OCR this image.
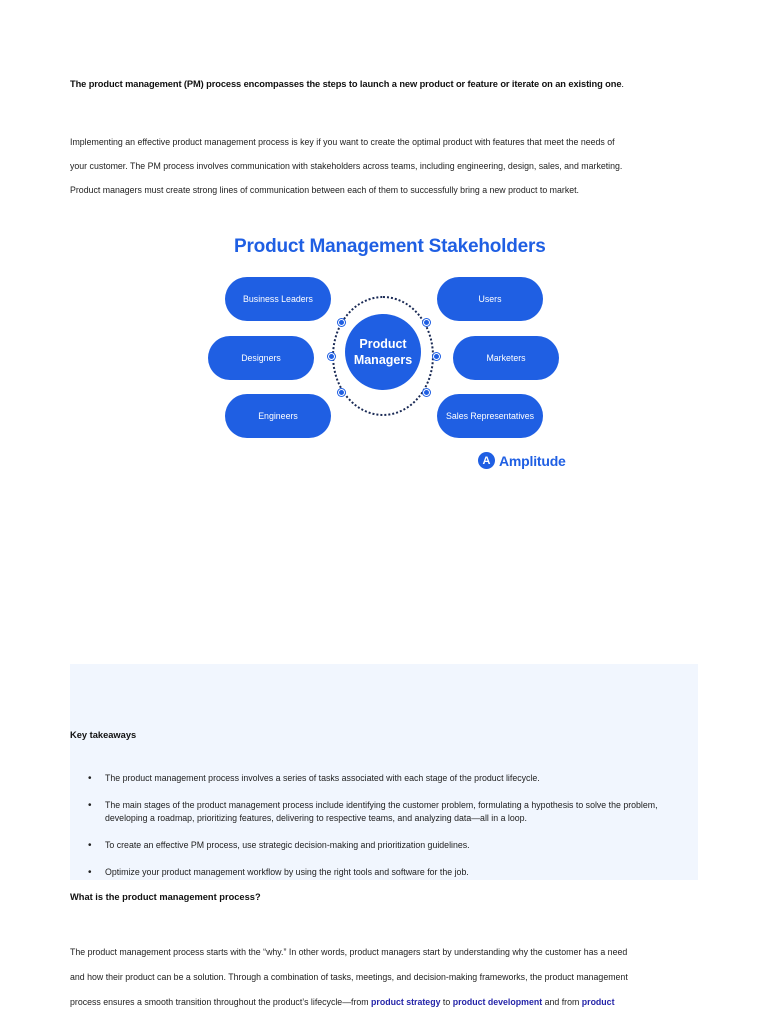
The product management (PM) process encompasses the steps to launch a new product or feature or iterate on an existing one.

Implementing an effective product management process is key if you want to create the optimal product with features that meet the needs of

your customer. The PM process involves communication with stakeholders across teams, including engineering, design, sales, and marketing.

Product managers must create strong lines of communication between each of them to successfully bring a new product to market.

Product Management Stakeholders
Product
Managers
Business Leaders
Designers
Engineers
Users
Marketers
Sales Representatives
A Amplitude
Key takeaways
• The product management process involves a series of tasks associated with each stage of the product lifecycle.
• The main stages of the product management process include identifying the customer problem, formulating a hypothesis to solve the problem, developing a roadmap, prioritizing features, delivering to respective teams, and analyzing data—all in a loop.
• To create an effective PM process, use strategic decision-making and prioritization guidelines.
• Optimize your product management workflow by using the right tools and software for the job.
What is the product management process?

The product management process starts with the “why.” In other words, product managers start by understanding why the customer has a need

and how their product can be a solution. Through a combination of tasks, meetings, and decision-making frameworks, the product management

process ensures a smooth transition throughout the product’s lifecycle—from product strategy to product development and from product
